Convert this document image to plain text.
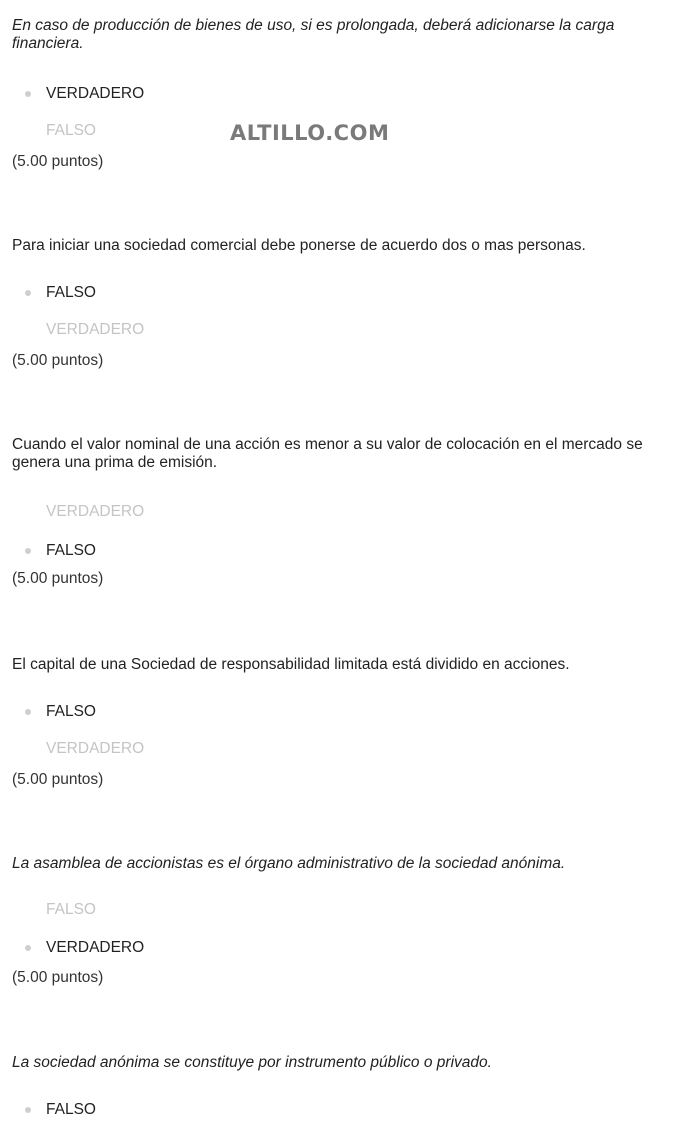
En caso de producción de bienes de uso, si es prolongada, deberá adicionarse la carga financiera.

VERDADERO
FALSO
(5.00 puntos)
ALTILLO.COM

Para iniciar una sociedad comercial debe ponerse de acuerdo dos o mas personas.

FALSO
VERDADERO
(5.00 puntos)

Cuando el valor nominal de una acción es menor a su valor de colocación en el mercado se genera una prima de emisión.

VERDADERO
FALSO
(5.00 puntos)

El capital de una Sociedad de responsabilidad limitada está dividido en acciones.

FALSO
VERDADERO
(5.00 puntos)

La asamblea de accionistas es el órgano administrativo de la sociedad anónima.

FALSO
VERDADERO
(5.00 puntos)

La sociedad anónima se constituye por instrumento público o privado.

FALSO
